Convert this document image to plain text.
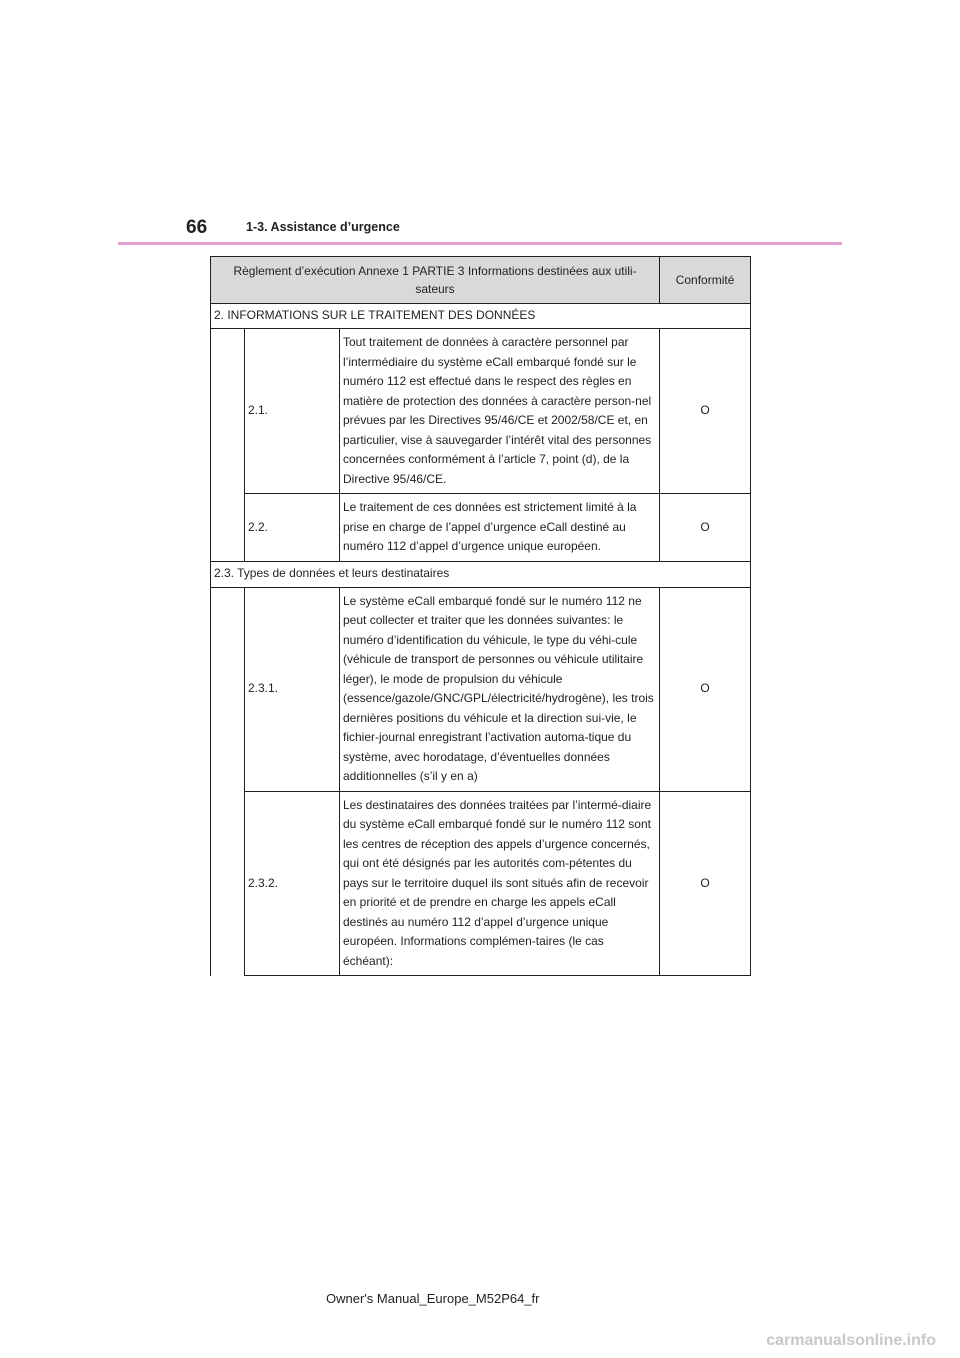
66	1-3. Assistance d’urgence
Règlement d’exécution Annexe 1 PARTIE 3 Informations destinées aux utili-sateurs			Conformité
2. INFORMATIONS SUR LE TRAITEMENT DES DONNÉES			
	2.1.	Tout traitement de données à caractère personnel par l’intermédiaire du système eCall embarqué fondé sur le numéro 112 est effectué dans le respect des règles en matière de protection des données à caractère person-nel prévues par les Directives 95/46/CE et 2002/58/CE et, en particulier, vise à sauvegarder l’intérêt vital des personnes concernées conformément à l’article 7, point (d), de la Directive 95/46/CE.	O
	2.2.	Le traitement de ces données est strictement limité à la prise en charge de l’appel d’urgence eCall destiné au numéro 112 d’appel d’urgence unique européen.	O
2.3. Types de données et leurs destinataires			
	2.3.1.	Le système eCall embarqué fondé sur le numéro 112 ne peut collecter et traiter que les données suivantes: le numéro d’identification du véhicule, le type du véhi-cule (véhicule de transport de personnes ou véhicule utilitaire léger), le mode de propulsion du véhicule (essence/gazole/GNC/GPL/électricité/hydrogène), les trois dernières positions du véhicule et la direction sui-vie, le fichier-journal enregistrant l’activation automa-tique du système, avec horodatage, d’éventuelles données additionnelles (s’il y en a)	O
	2.3.2.	Les destinataires des données traitées par l’intermé-diaire du système eCall embarqué fondé sur le numéro 112 sont les centres de réception des appels d’urgence concernés, qui ont été désignés par les autorités com-pétentes du pays sur le territoire duquel ils sont situés afin de recevoir en priorité et de prendre en charge les appels eCall destinés au numéro 112 d’appel d’urgence unique européen. Informations complémen-taires (le cas échéant):	O
Owner's Manual_Europe_M52P64_fr
carmanualsonline.info
